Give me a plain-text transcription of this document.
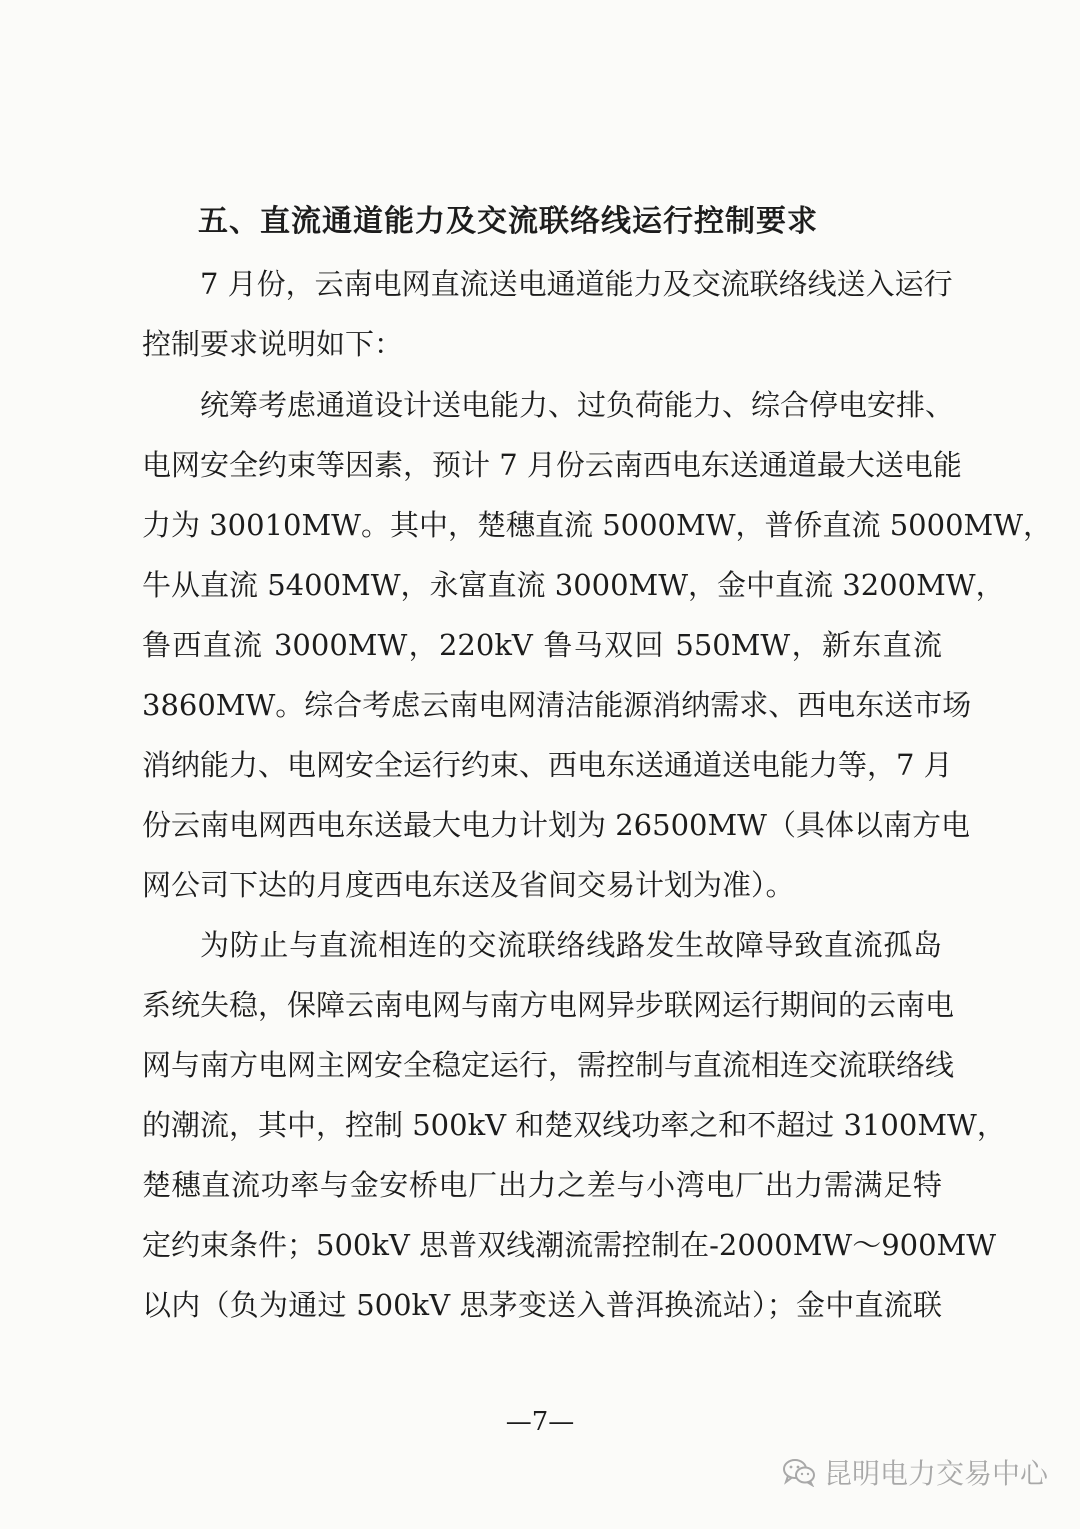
五、直流通道能力及交流联络线运行控制要求
7 月份，云南电网直流送电通道能力及交流联络线送入运行
控制要求说明如下：
统筹考虑通道设计送电能力、过负荷能力、综合停电安排、
电网安全约束等因素，预计 7 月份云南西电东送通道最大送电能
力为 30010MW。其中，楚穗直流 5000MW，普侨直流 5000MW，
牛从直流 5400MW，永富直流 3000MW，金中直流 3200MW，
鲁西直流 3000MW，220kV 鲁马双回 550MW，新东直流
3860MW。综合考虑云南电网清洁能源消纳需求、西电东送市场
消纳能力、电网安全运行约束、西电东送通道送电能力等，7 月
份云南电网西电东送最大电力计划为 26500MW（具体以南方电
网公司下达的月度西电东送及省间交易计划为准）。
为防止与直流相连的交流联络线路发生故障导致直流孤岛
系统失稳，保障云南电网与南方电网异步联网运行期间的云南电
网与南方电网主网安全稳定运行，需控制与直流相连交流联络线
的潮流，其中，控制 500kV 和楚双线功率之和不超过 3100MW，
楚穗直流功率与金安桥电厂出力之差与小湾电厂出力需满足特
定约束条件；500kV 思普双线潮流需控制在-2000MW～900MW
以内（负为通过 500kV 思茅变送入普洱换流站）；金中直流联
—7—
昆明电力交易中心
